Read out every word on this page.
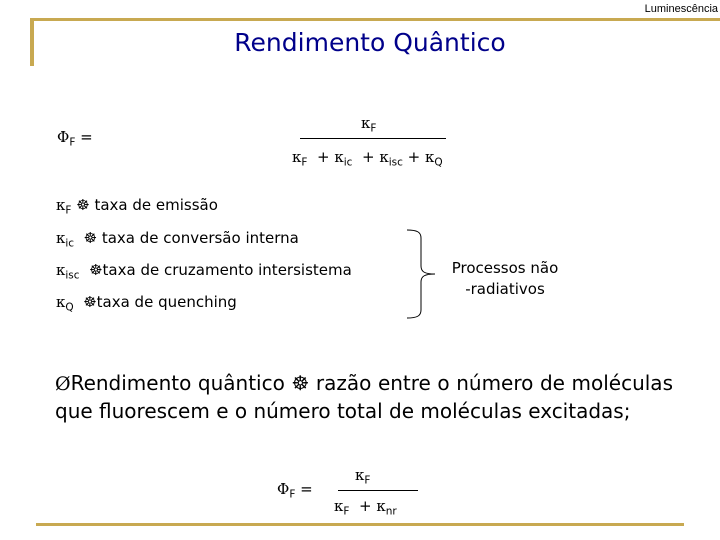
Luminescência
Rendimento Quântico
$\Phi_F$ =
$\kappa_F$
$\kappa_F + \kappa_{ic} + \kappa_{isc} + \kappa_Q$
$\kappa_F$ ☸ taxa de emissão
$\kappa_{ic}$ ☸ taxa de conversão interna
$\kappa_{isc}$ ☸taxa de cruzamento intersistema
$\kappa_Q$ ☸taxa de quenching
Processos não
-radiativos
ØRendimento quântico ☸ razão entre o número de moléculas que fluorescem e o número total de moléculas excitadas;
$\Phi_F$ =
$\kappa_F$
$\kappa_F + \kappa_{nr}$
